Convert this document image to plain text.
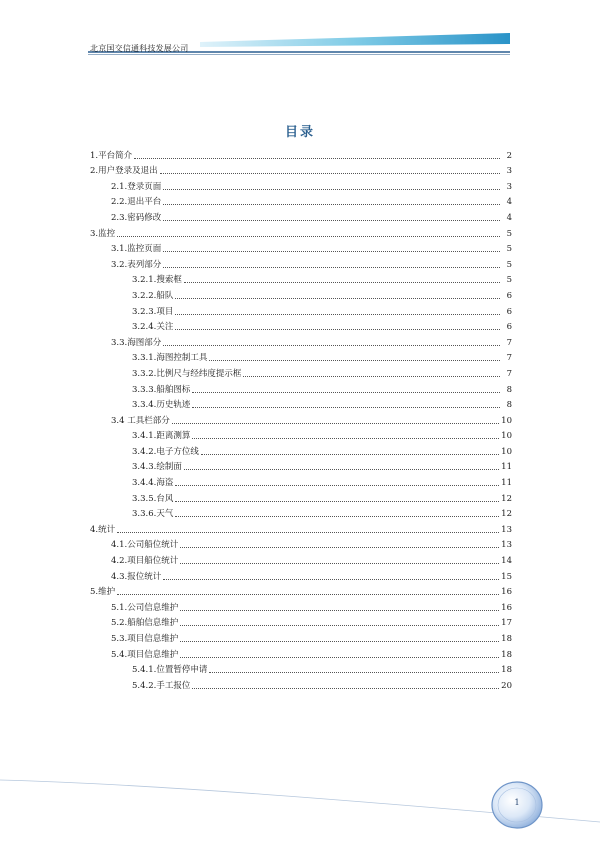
北京国交信通科技发展公司
目录
1.平台简介	2
2.用户登录及退出	3
2.1.登录页面	3
2.2.退出平台	4
2.3.密码修改	4
3.监控	5
3.1.监控页面	5
3.2.表列部分	5
3.2.1.搜索框	5
3.2.2.船队	6
3.2.3.项目	6
3.2.4.关注	6
3.3.海图部分	7
3.3.1.海图控制工具	7
3.3.2.比例尺与经纬度提示框	7
3.3.3.船舶图标	8
3.3.4.历史轨迹	8
3.4 工具栏部分	10
3.4.1.距离测算	10
3.4.2.电子方位线	10
3.4.3.绘制面	11
3.4.4.海盗	11
3.3.5.台风	12
3.3.6.天气	12
4.统计	13
4.1.公司船位统计	13
4.2.项目船位统计	14
4.3.报位统计	15
5.维护	16
5.1.公司信息维护	16
5.2.船舶信息维护	17
5.3.项目信息维护	18
5.4.项目信息维护	18
5.4.1.位置暂停申请	18
5.4.2.手工报位	20
1
